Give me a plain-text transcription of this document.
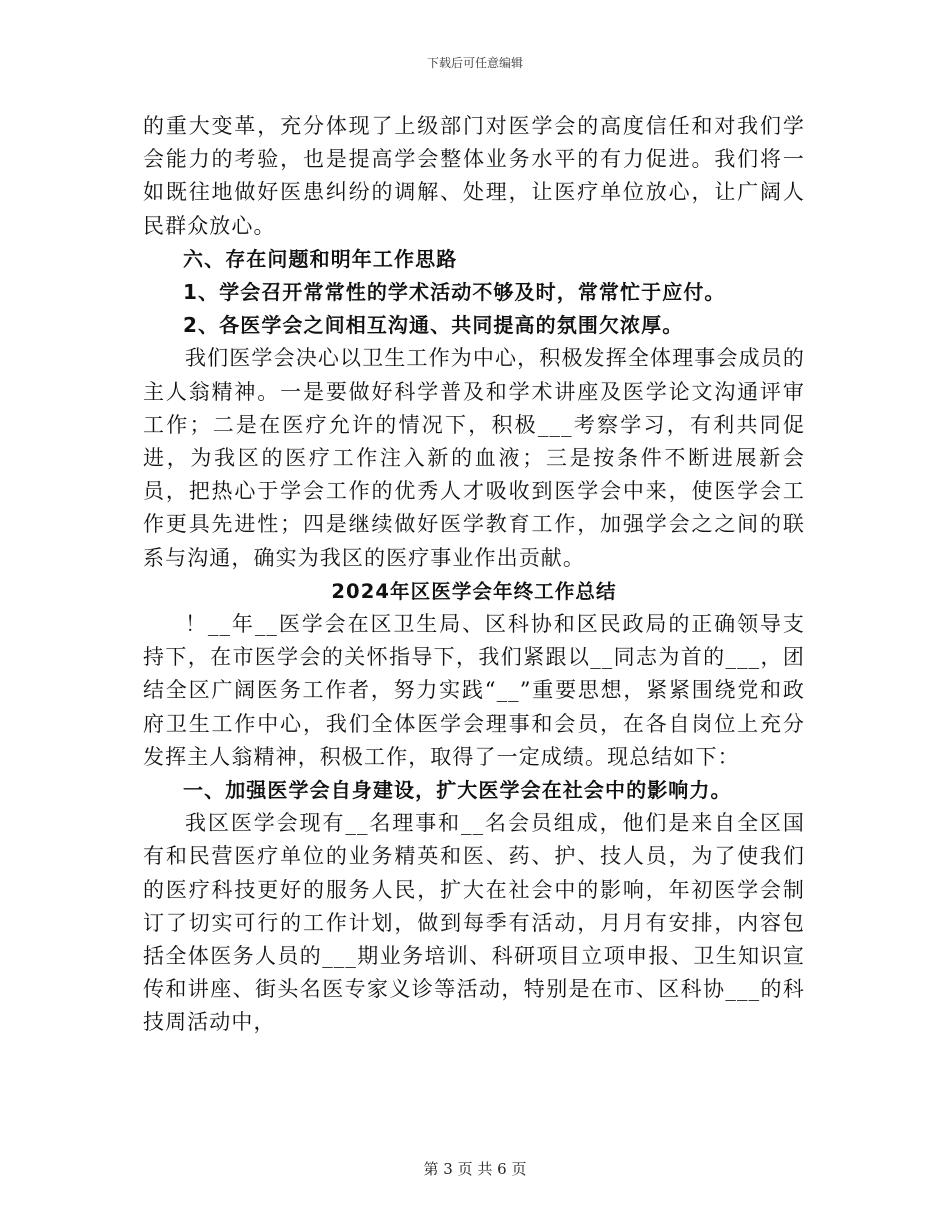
下载后可任意编辑

的重大变革，充分体现了上级部门对医学会的高度信任和对我们学会能力的考验，也是提高学会整体业务水平的有力促进。我们将一如既往地做好医患纠纷的调解、处理，让医疗单位放心，让广阔人民群众放心。

六、存在问题和明年工作思路

1、学会召开常常性的学术活动不够及时，常常忙于应付。

2、各医学会之间相互沟通、共同提高的氛围欠浓厚。

我们医学会决心以卫生工作为中心，积极发挥全体理事会成员的主人翁精神。一是要做好科学普及和学术讲座及医学论文沟通评审工作；二是在医疗允许的情况下，积极___考察学习，有利共同促进，为我区的医疗工作注入新的血液；三是按条件不断进展新会员，把热心于学会工作的优秀人才吸收到医学会中来，使医学会工作更具先进性；四是继续做好医学教育工作，加强学会之之间的联系与沟通，确实为我区的医疗事业作出贡献。

2024年区医学会年终工作总结

！__年__医学会在区卫生局、区科协和区民政局的正确领导支持下，在市医学会的关怀指导下，我们紧跟以__同志为首的___，团结全区广阔医务工作者，努力实践“__”重要思想，紧紧围绕党和政府卫生工作中心，我们全体医学会理事和会员，在各自岗位上充分发挥主人翁精神，积极工作，取得了一定成绩。现总结如下：

一、加强医学会自身建设，扩大医学会在社会中的影响力。

我区医学会现有__名理事和__名会员组成，他们是来自全区国有和民营医疗单位的业务精英和医、药、护、技人员，为了使我们的医疗科技更好的服务人民，扩大在社会中的影响，年初医学会制订了切实可行的工作计划，做到每季有活动，月月有安排，内容包括全体医务人员的___期业务培训、科研项目立项申报、卫生知识宣传和讲座、街头名医专家义诊等活动，特别是在市、区科协___的科技周活动中，

第 3 页 共 6 页
